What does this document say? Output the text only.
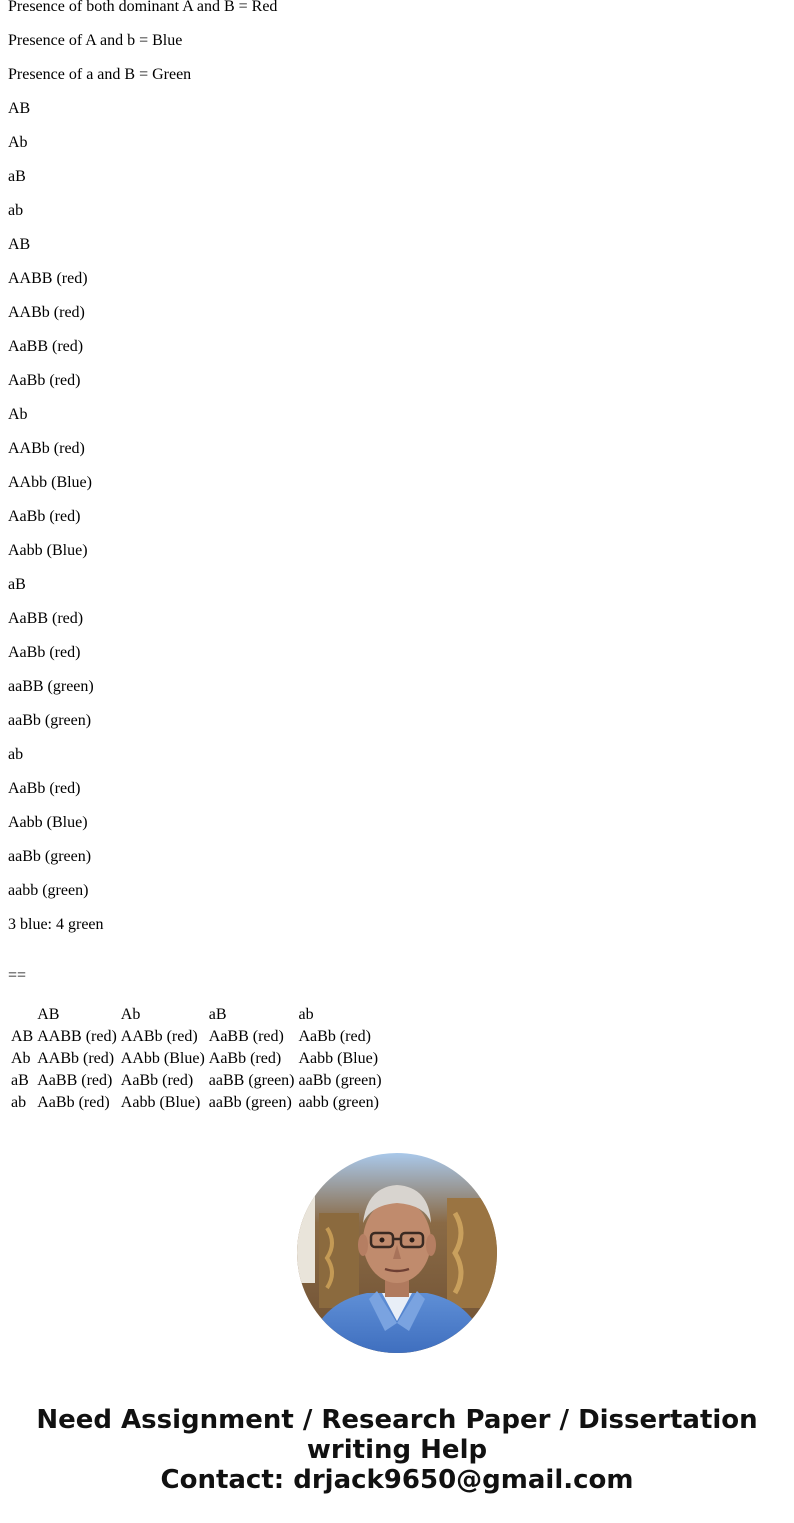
Presence of both dominant A and B = Red

Presence of A and b = Blue

Presence of a and B = Green

AB

Ab

aB

ab

AB

AABB (red)

AABb (red)

AaBB (red)

AaBb (red)

Ab

AABb (red)

AAbb (Blue)

AaBb (red)

Aabb (Blue)

aB

AaBB (red)

AaBb (red)

aaBB (green)

aaBb (green)

ab

AaBb (red)

Aabb (Blue)

aaBb (green)

aabb (green)

3 blue: 4 green

==
	AB	Ab	aB	ab
AB	AABB (red)	AABb (red)	AaBB (red)	AaBb (red)
Ab	AABb (red)	AAbb (Blue)	AaBb (red)	Aabb (Blue)
aB	AaBB (red)	AaBb (red)	aaBB (green)	aaBb (green)
ab	AaBb (red)	Aabb (Blue)	aaBb (green)	aabb (green)
Need Assignment / Research Paper / Dissertation
writing Help
Contact: drjack9650@gmail.com
